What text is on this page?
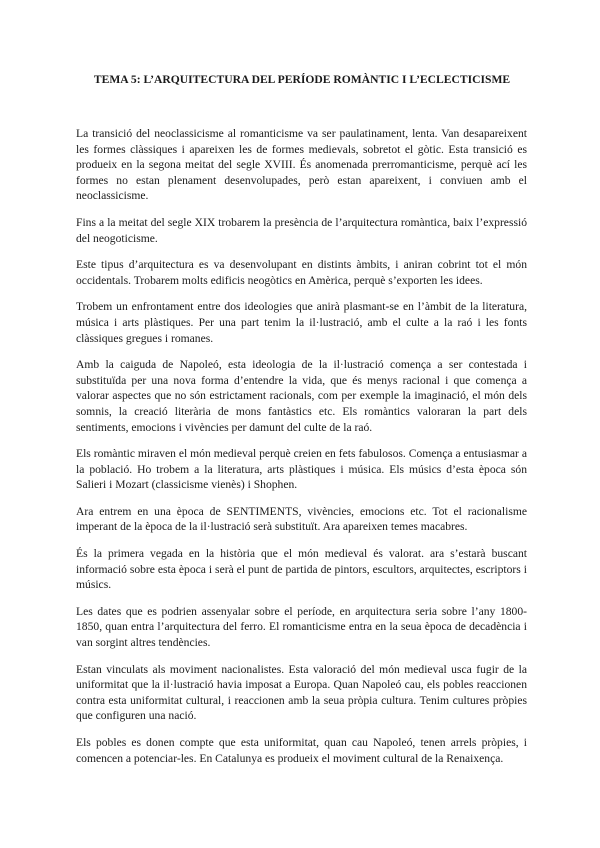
TEMA 5: L’ARQUITECTURA DEL PERÍODE ROMÀNTIC I L’ECLECTICISME

La transició del neoclassicisme al romanticisme va ser paulatinament, lenta. Van desapareixent les formes clàssiques i apareixen les de formes medievals, sobretot el gòtic. Esta transició es produeix en la segona meitat del segle XVIII. És anomenada prerromanticisme, perquè ací les formes no estan plenament desenvolupades, però estan apareixent, i conviuen amb el neoclassicisme.

Fins a la meitat del segle XIX trobarem la presència de l’arquitectura romàntica, baix l’expressió del neogoticisme.

Este tipus d’arquitectura es va desenvolupant en distints àmbits, i aniran cobrint tot el món occidentals. Trobarem molts edificis neogòtics en Amèrica, perquè s’exporten les idees.

Trobem un enfrontament entre dos ideologies que anirà plasmant-se en l’àmbit de la literatura, música i arts plàstiques. Per una part tenim la il·lustració, amb el culte a la raó i les fonts clàssiques gregues i romanes.

Amb la caiguda de Napoleó, esta ideologia de la il·lustració comença a ser contestada i substituïda per una nova forma d’entendre la vida, que és menys racional i que comença a valorar aspectes que no són estrictament racionals, com per exemple la imaginació, el món dels somnis, la creació literària de mons fantàstics etc. Els romàntics valoraran la part dels sentiments, emocions i vivències per damunt del culte de la raó.

Els romàntic miraven el món medieval perquè creien en fets fabulosos. Comença a entusiasmar a la població. Ho trobem a la literatura, arts plàstiques i música. Els músics d’esta època són Salieri i Mozart (classicisme vienès) i Shophen.

Ara entrem en una època de SENTIMENTS, vivències, emocions etc. Tot el racionalisme imperant de la època de la il·lustració serà substituït. Ara apareixen temes macabres.

És la primera vegada en la història que el món medieval és valorat. ara s’estarà buscant informació sobre esta època i serà el punt de partida de pintors, escultors, arquitectes, escriptors i músics.

Les dates que es podrien assenyalar sobre el període, en arquitectura seria sobre l’any 1800-1850, quan entra l’arquitectura del ferro. El romanticisme entra en la seua època de decadència i van sorgint altres tendències.

Estan vinculats als moviment nacionalistes. Esta valoració del món medieval usca fugir de la uniformitat que la il·lustració havia imposat a Europa. Quan Napoleó cau, els pobles reaccionen contra esta uniformitat cultural, i reaccionen amb la seua pròpia cultura. Tenim cultures pròpies que configuren una nació.

Els pobles es donen compte que esta uniformitat, quan cau Napoleó, tenen arrels pròpies, i comencen a potenciar-les. En Catalunya es produeix el moviment cultural de la Renaixença.
